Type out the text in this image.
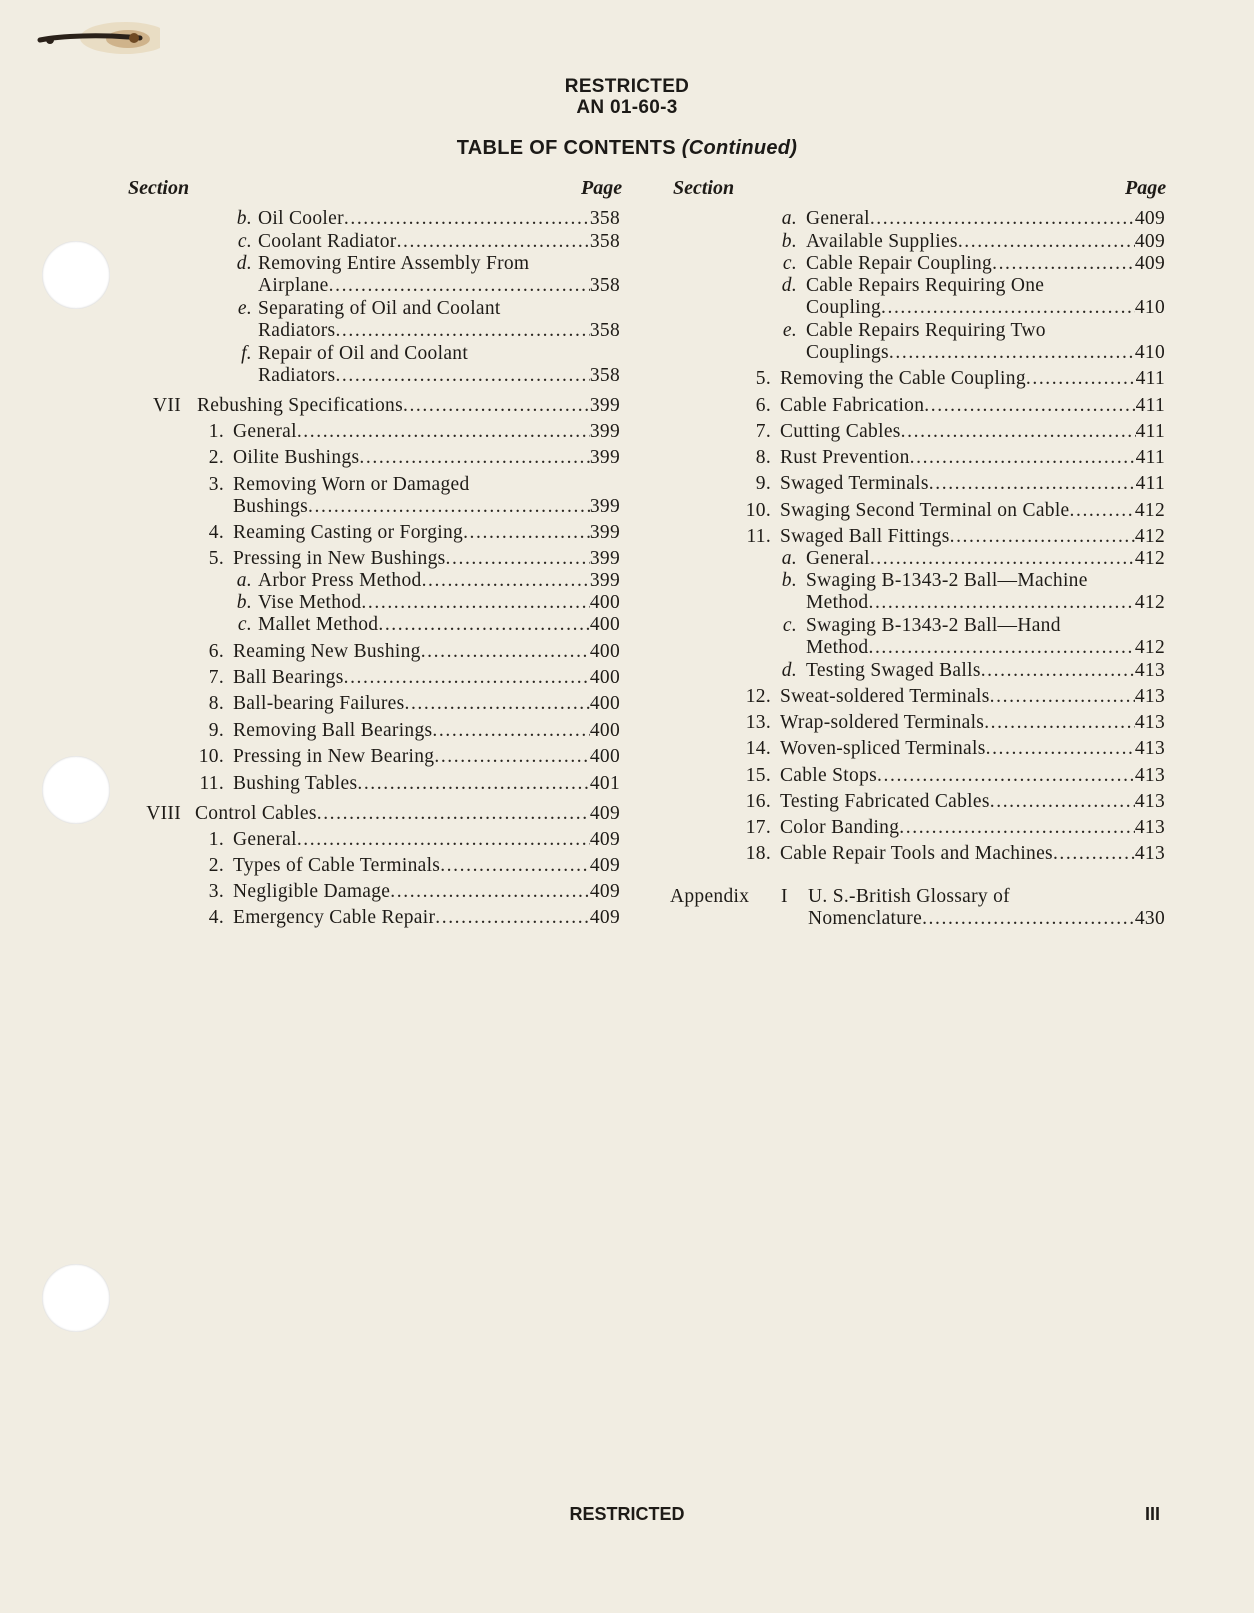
RESTRICTED
AN 01-60-3
TABLE OF CONTENTS (Continued)
Section	Page	Section	Page
b. Oil Cooler .....	358
c. Coolant Radiator .....	358
d. Removing Entire Assembly From
Airplane .....	358
e. Separating of Oil and Coolant
Radiators .....	358
f. Repair of Oil and Coolant
Radiators .....	358
VII Rebushing Specifications .....	399
1. General .....	399
2. Oilite Bushings .....	399
3. Removing Worn or Damaged
Bushings .....	399
4. Reaming Casting or Forging .....	399
5. Pressing in New Bushings .....	399
a. Arbor Press Method .....	399
b. Vise Method .....	400
c. Mallet Method .....	400
6. Reaming New Bushing .....	400
7. Ball Bearings .....	400
8. Ball-bearing Failures .....	400
9. Removing Ball Bearings .....	400
10. Pressing in New Bearing .....	400
11. Bushing Tables .....	401
VIII Control Cables .....	409
1. General .....	409
2. Types of Cable Terminals .....	409
3. Negligible Damage .....	409
4. Emergency Cable Repair .....	409
a. General .....	409
b. Available Supplies .....	409
c. Cable Repair Coupling .....	409
d. Cable Repairs Requiring One
Coupling .....	410
e. Cable Repairs Requiring Two
Couplings .....	410
5. Removing the Cable Coupling .....	411
6. Cable Fabrication .....	411
7. Cutting Cables .....	411
8. Rust Prevention .....	411
9. Swaged Terminals .....	411
10. Swaging Second Terminal on Cable .....	412
11. Swaged Ball Fittings .....	412
a. General .....	412
b. Swaging B-1343-2 Ball—Machine
Method .....	412
c. Swaging B-1343-2 Ball—Hand
Method .....	412
d. Testing Swaged Balls .....	413
12. Sweat-soldered Terminals .....	413
13. Wrap-soldered Terminals .....	413
14. Woven-spliced Terminals .....	413
15. Cable Stops .....	413
16. Testing Fabricated Cables .....	413
17. Color Banding .....	413
18. Cable Repair Tools and Machines .....	413
Appendix	I U. S.-British Glossary of
Nomenclature .....	430
RESTRICTED	III
